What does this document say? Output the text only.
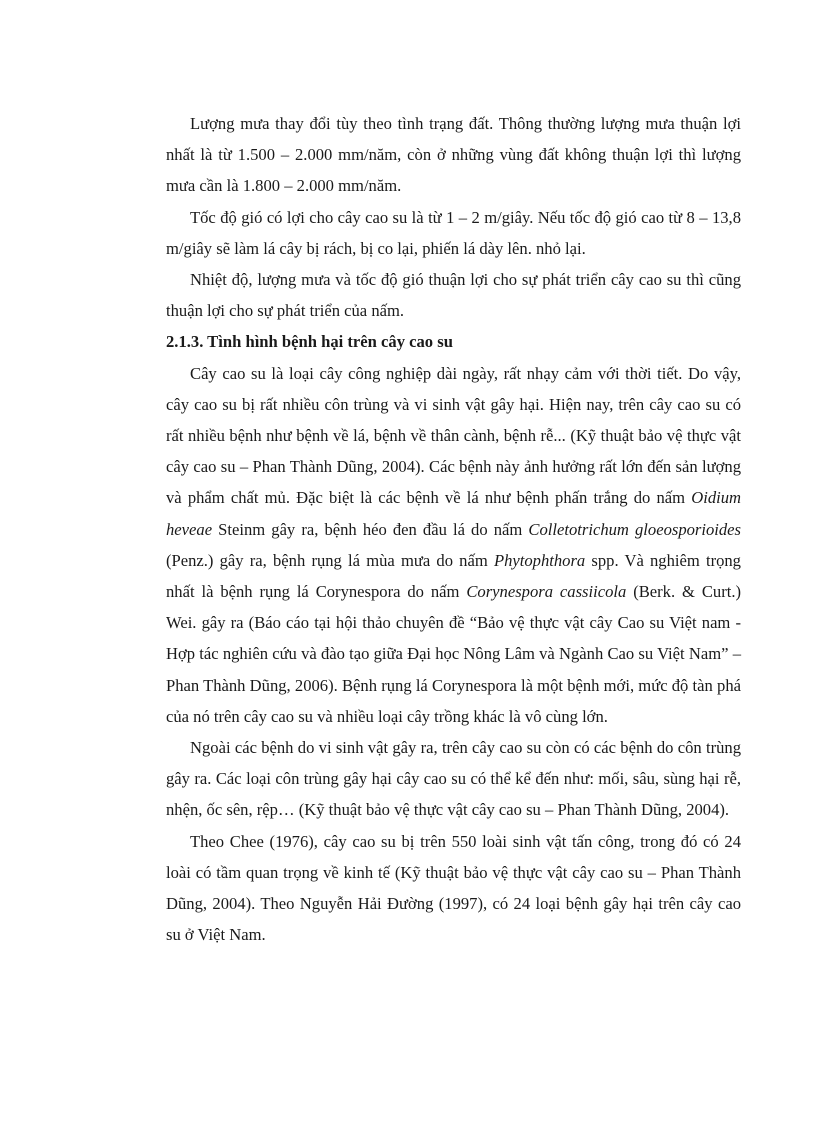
Lượng mưa thay đổi tùy theo tình trạng đất. Thông thường lượng mưa thuận lợi nhất là từ 1.500 – 2.000 mm/năm, còn ở những vùng đất không thuận lợi thì lượng mưa cần là 1.800 – 2.000 mm/năm.

Tốc độ gió có lợi cho cây cao su là từ 1 – 2 m/giây. Nếu tốc độ gió cao từ 8 – 13,8 m/giây sẽ làm lá cây bị rách, bị co lại, phiến lá dày lên. nhỏ lại.

Nhiệt độ, lượng mưa và tốc độ gió thuận lợi cho sự phát triển cây cao su thì cũng thuận lợi cho sự phát triển của nấm.

2.1.3. Tình hình bệnh hại trên cây cao su

Cây cao su là loại cây công nghiệp dài ngày, rất nhạy cảm với thời tiết. Do vậy, cây cao su bị rất nhiều côn trùng và vi sinh vật gây hại. Hiện nay, trên cây cao su có rất nhiều bệnh như bệnh về lá, bệnh về thân cành, bệnh rễ... (Kỹ thuật bảo vệ thực vật cây cao su – Phan Thành Dũng, 2004). Các bệnh này ảnh hưởng rất lớn đến sản lượng và phẩm chất mủ. Đặc biệt là các bệnh về lá như bệnh phấn trắng do nấm Oidium heveae Steinm gây ra, bệnh héo đen đầu lá do nấm Colletotrichum gloeosporioides (Penz.) gây ra, bệnh rụng lá mùa mưa do nấm Phytophthora spp. Và nghiêm trọng nhất là bệnh rụng lá Corynespora do nấm Corynespora cassiicola (Berk. & Curt.) Wei. gây ra (Báo cáo tại hội thảo chuyên đề “Bảo vệ thực vật cây Cao su Việt nam - Hợp tác nghiên cứu và đào tạo giữa Đại học Nông Lâm và Ngành Cao su Việt Nam” – Phan Thành Dũng, 2006). Bệnh rụng lá Corynespora là một bệnh mới, mức độ tàn phá của nó trên cây cao su và nhiều loại cây trồng khác là vô cùng lớn.

Ngoài các bệnh do vi sinh vật gây ra, trên cây cao su còn có các bệnh do côn trùng gây ra. Các loại côn trùng gây hại cây cao su có thể kể đến như: mối, sâu, sùng hại rễ, nhện, ốc sên, rệp… (Kỹ thuật bảo vệ thực vật cây cao su – Phan Thành Dũng, 2004).

Theo Chee (1976), cây cao su bị trên 550 loài sinh vật tấn công, trong đó có 24 loài có tầm quan trọng về kinh tế (Kỹ thuật bảo vệ thực vật cây cao su – Phan Thành Dũng, 2004). Theo Nguyễn Hải Đường (1997), có 24 loại bệnh gây hại trên cây cao su ở Việt Nam.
